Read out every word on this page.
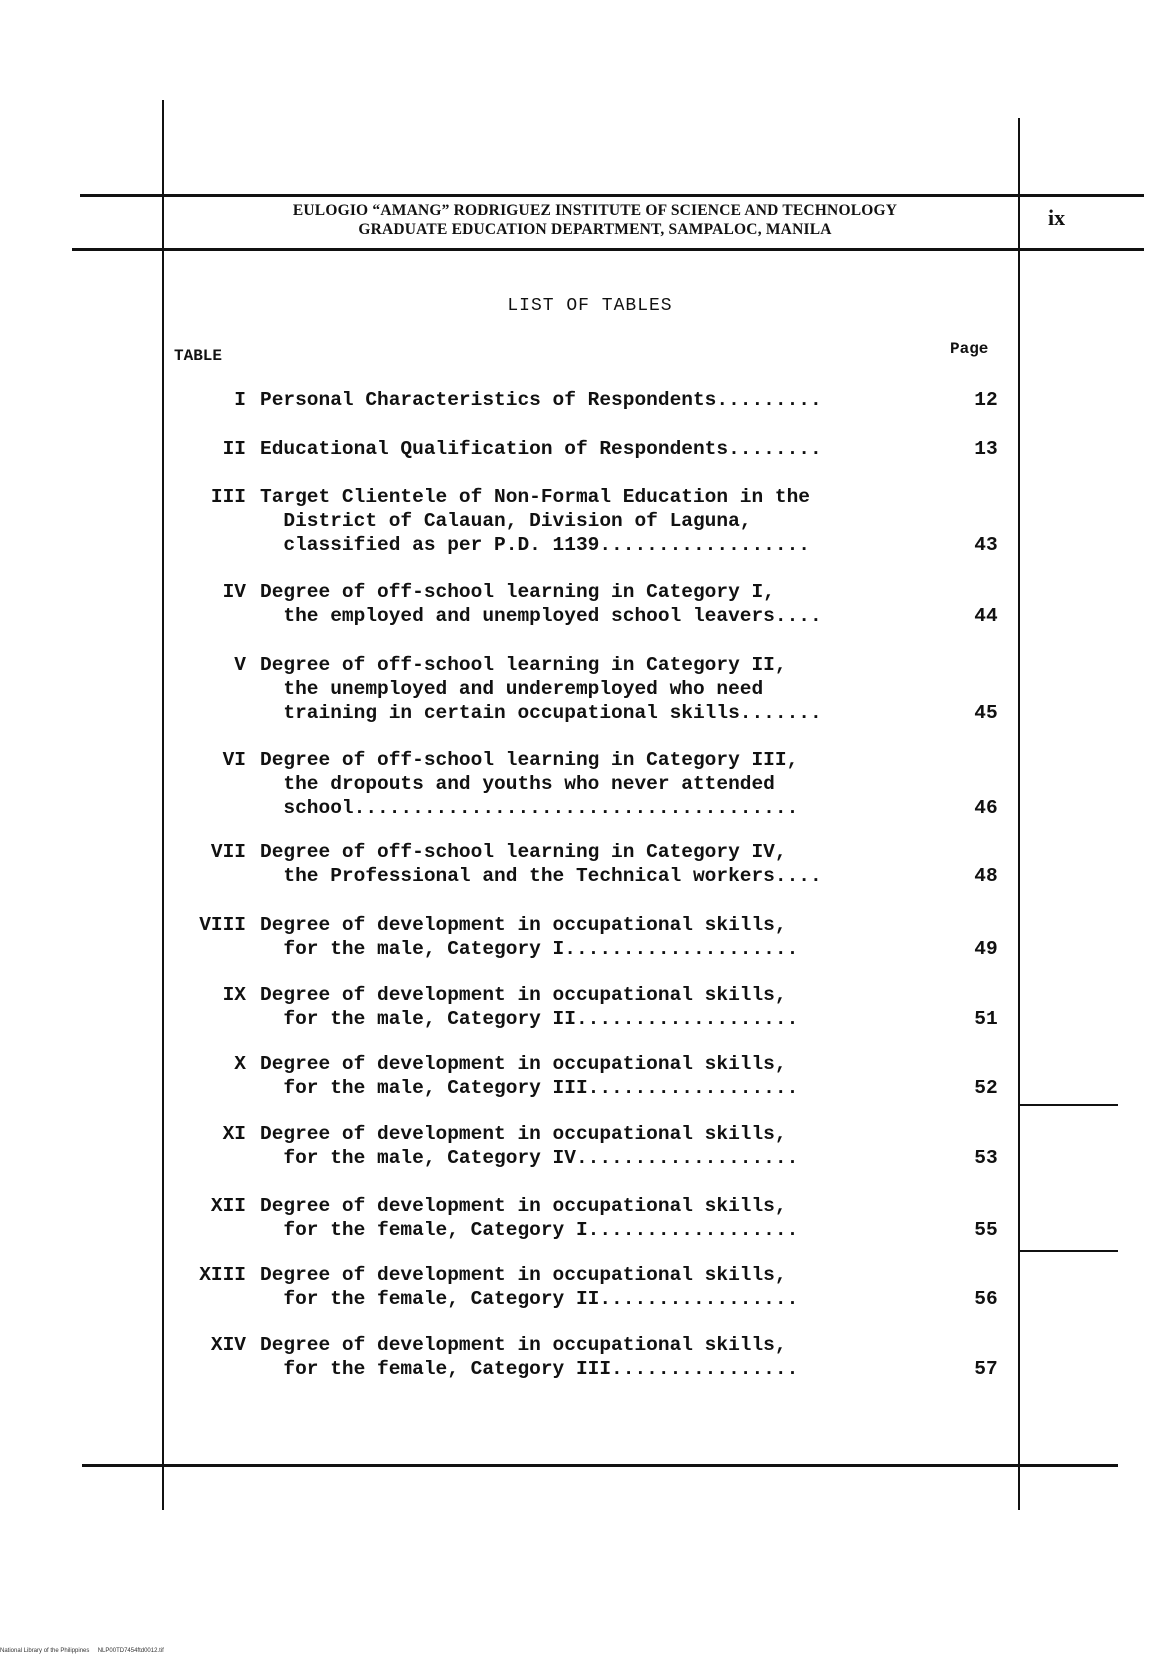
EULOGIO “AMANG” RODRIGUEZ INSTITUTE OF SCIENCE AND TECHNOLOGY
GRADUATE EDUCATION DEPARTMENT, SAMPALOC, MANILA	ix
LIST OF TABLES
TABLE	Page
I Personal Characteristics of Respondents.........	12
II Educational Qualification of Respondents........	13
III Target Clientele of Non-Formal Education in the
District of Calauan, Division of Laguna,
classified as per P.D. 1139..................	43
IV Degree of off-school learning in Category I,
the employed and unemployed school leavers....	44
V Degree of off-school learning in Category II,
the unemployed and underemployed who need
training in certain occupational skills.......	45
VI Degree of off-school learning in Category III,
the dropouts and youths who never attended
school......................................	46
VII Degree of off-school learning in Category IV,
the Professional and the Technical workers....	48
VIII Degree of development in occupational skills,
for the male, Category I....................	49
IX Degree of development in occupational skills,
for the male, Category II...................	51
X Degree of development in occupational skills,
for the male, Category III..................	52
XI Degree of development in occupational skills,
for the male, Category IV...................	53
XII Degree of development in occupational skills,
for the female, Category I..................	55
XIII Degree of development in occupational skills,
for the female, Category II.................	56
XIV Degree of development in occupational skills,
for the female, Category III................	57
National Library of the Philippines     NLP00TD7454ftd0012.tif
